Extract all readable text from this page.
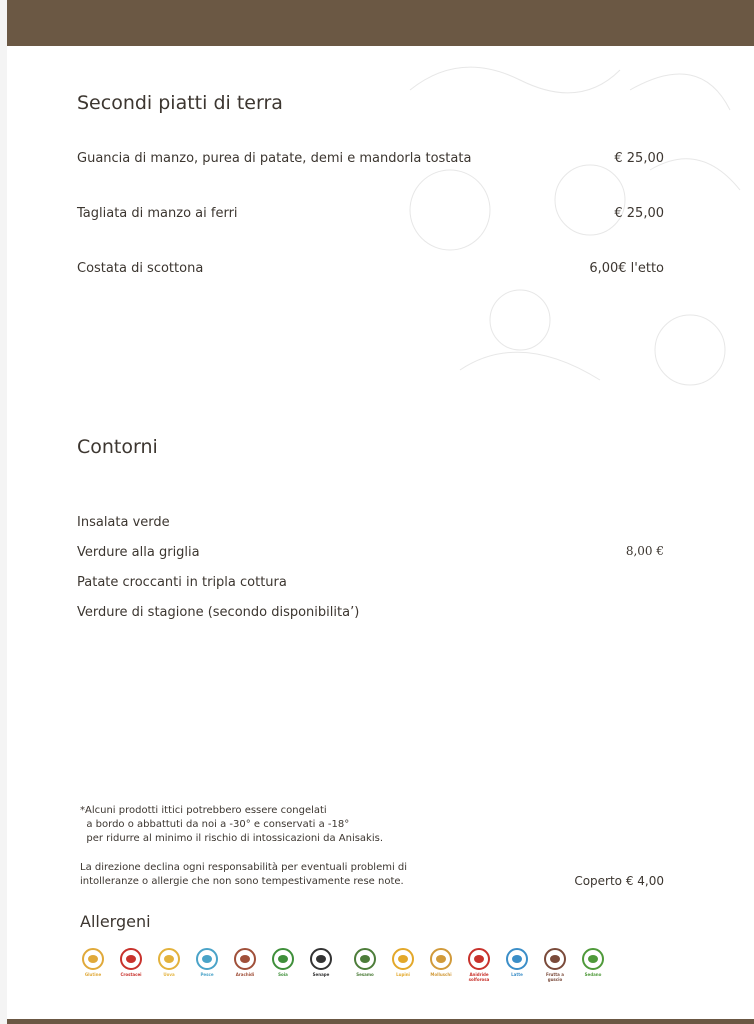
Secondi piatti di terra
Guancia di manzo, purea di patate, demi e mandorla tostata	€ 25,00
Tagliata di manzo ai ferri	€ 25,00
Costata di scottona	6,00€ l'etto
Contorni
Insalata verde
Verdure alla griglia	8,00 €
Patate croccanti in tripla cottura
Verdure di stagione (secondo disponibilita’)
*Alcuni prodotti ittici potrebbero essere congelati
a bordo o abbattuti da noi a -30° e conservati a -18°
per ridurre al minimo il rischio di intossicazioni da Anisakis.
La direzione declina ogni responsabilità per eventuali problemi di
intolleranze o allergie che non sono tempestivamente rese note.	Coperto € 4,00
Allergeni
Glutine	Crostacei	Uova	Pesce	Arachidi	Soia	Senape	Sesamo	Lupini	Molluschi	Anidride solforosa
Latte	Frutta a guscio
Sedano
